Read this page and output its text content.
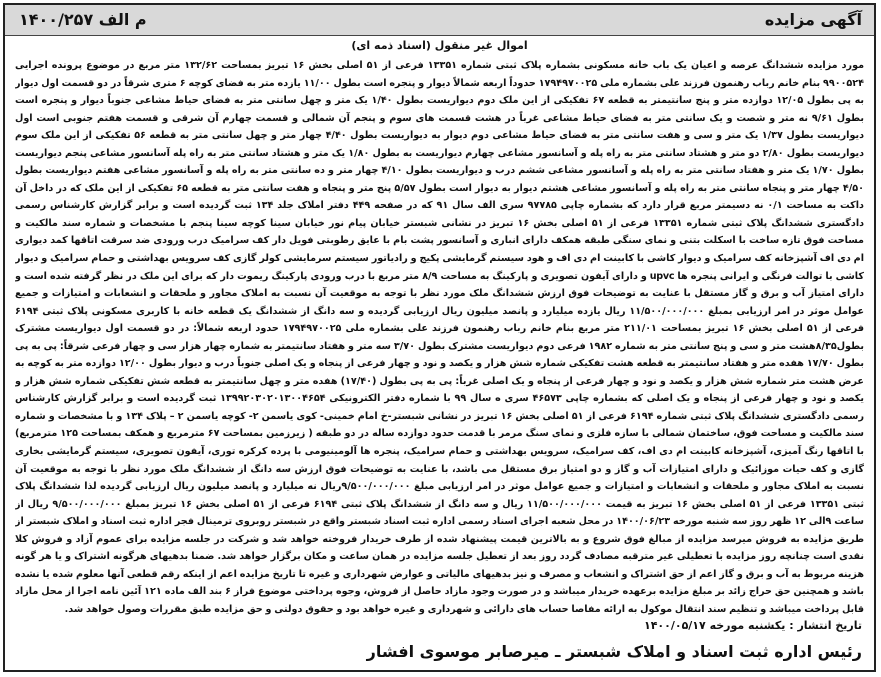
آگهی مزایده
م الف ۱۴۰۰/۲۵۷
اموال غیر منقول (اسناد ذمه ای)
مورد مزایده ششدانگ عرصه و اعیان یک باب خانه مسکونی بشماره پلاک ثبتی شماره ۱۳۳۵۱ فرعی از ۵۱ اصلی بخش ۱۶ تبریز بمساحت ۱۳۲/۶۲ متر مربع در موضوع پرونده اجرایی ۹۹۰۰۵۲۴ بنام خانم رباب رهنمون فرزند علی بشماره ملی ۱۷۹۴۹۷۰۰۲۵ حدوداً اربعه شمالاً دیوار و پنجره است بطول ۱۱/۰۰ یازده متر به فضای کوچه ۶ متری شرقاً در دو قسمت اول دیوار به پی بطول ۱۲/۰۵ دوازده متر و پنج سانتیمتر به قطعه ۶۷ تفکیکی از این ملک دوم دیواریست بطول ۱/۴۰ یک متر و چهل سانتی متر به فضای حیاط مشاعی جنوباً دیوار و پنجره است بطول ۹/۶۱ نه متر و شصت و یک سانتی متر به فضای حیاط مشاعی غرباً در هشت قسمت های سوم و پنجم آن شمالی و قسمت چهارم آن شرقی و قسمت هفتم جنوبی است اول دیواریست بطول ۱/۳۷ یک متر و سی و هفت سانتی متر به فضای حیاط مشاعی دوم دیوار به دیواریست بطول ۴/۴۰ چهار متر و چهل سانتی متر به قطعه ۵۶ تفکیکی از این ملک سوم دیواریست بطول ۲/۸۰ دو متر و هشتاد سانتی متر به راه پله و آسانسور مشاعی چهارم دیواریست به بطول ۱/۸۰ یک متر و هشتاد سانتی متر به راه پله آسانسور مشاعی پنجم دیواریست بطول ۱/۷۰ یک متر و هفتاد سانتی متر به راه پله و آسانسور مشاعی ششم درب و دیواریست بطول ۴/۱۰ چهار متر و ده سانتی متر به راه پله و آسانسور مشاعی هفتم دیواریست بطول ۴/۵۰ چهار متر و پنجاه سانتی متر به راه پله و آسانسور مشاعی هشتم دیوار به دیوار است بطول ۵/۵۷ پنج متر و پنجاه و هفت سانتی متر به قطعه ۶۵ تفکیکی از این ملک که در داخل آن داکت به مساحت ۰/۱ نه دسیمتر مربع قرار دارد که بشماره چاپی ۹۷۷۸۵ سری الف سال ۹۱ که در صفحه ۴۴۹ دفتر املاک جلد ۱۳۴ ثبت گردیده است و برابر گزارش کارشناس رسمی دادگستری ششدانگ پلاک ثبتی شماره ۱۳۳۵۱ فرعی از ۵۱ اصلی بخش ۱۶ تبریز در نشانی شبستر خیابان پیام نور خیابان سینا کوچه سینا پنجم با مشخصات و شماره سند مالکیت و مساحت فوق تازه ساخت با اسکلت بتنی و نمای سنگی طبقه همکف دارای انباری و آسانسور پشت بام با عایق رطوبتی فویل دار کف سرامیک درب ورودی ضد سرقت اتاقها کمد دیواری ام دی اف آشپزخانه کف سرامیک و دیوار کاشی با کابینت ام دی اف و هود سیستم گرمایشی پکیج و رادیاتور سیستم سرمایشی کولر گازی کف سرویس بهداشتی و حمام سرامیک و دیوار کاشی با توالت فرنگی و ایرانی پنجره ها upvc و دارای آیفون تصویری و پارکینگ به مساحت ۸/۹ متر مربع با درب ورودی پارکینگ ریموت دار که برای این ملک در نظر گرفته شده است و دارای امتیاز آب و برق و گاز مستقل با عنایت به توضیحات فوق ارزش ششدانگ ملک مورد نظر با توجه به موقعیت آن نسبت به املاک مجاور و ملحقات و انشعابات و امتیازات و جمیع عوامل موثر در امر ارزیابی بمبلغ ۱۱/۵۰۰/۰۰۰/۰۰۰ ریال یازده میلیارد و پانصد میلیون ریال ارزیابی گردیده و سه دانگ از ششدانگ یک قطعه خانه با کاربری مسکونی پلاک ثبتی ۶۱۹۴ فرعی از ۵۱ اصلی بخش ۱۶ تبریز بمساحت ۲۱۱/۰۱ متر مربع بنام خانم رباب رهنمون فرزند علی بشماره ملی ۱۷۹۴۹۷۰۰۲۵ حدود اربعه شمالاً: در دو قسمت اول دیواریست مشترک بطول۸/۳۵هشت متر و سی و پنج سانتی متر به شماره ۱۹۸۲ فرعی دوم دیواریست مشترک بطول ۳/۷۰ سه متر و هفتاد سانتیمتر به شماره چهار هزار سی و چهار فرعی شرقاً: پی به پی بطول ۱۷/۷۰ هفده متر و هفتاد سانتیمتر به قطعه هشت تفکیکی شماره شش هزار و یکصد و نود و چهار فرعی از پنجاه و یک اصلی جنوباً درب و دیوار بطول ۱۲/۰۰ دوازده متر به کوچه به عرض هشت متر شماره شش هزار و یکصد و نود و چهار فرعی از پنجاه و یک اصلی غرباً: پی به پی بطول (۱۷/۴۰) هفده متر و چهل سانتیمتر به قطعه شش تفکیکی شماره شش هزار و یکصد و نود و چهار فرعی از پنجاه و یک اصلی که بشماره چاپی ۴۶۵۷۳ سری ه سال ۹۹ با شماره دفتر الکترونیکی ۱۳۹۹۲۰۳۰۲۰۱۳۰۰۴۶۵۴ ثبت گردیده است و برابر گزارش کارشناس رسمی دادگستری ششدانگ پلاک ثبتی شماره ۶۱۹۴ فرعی از ۵۱ اصلی بخش ۱۶ تبریز در نشانی شبستر-خ امام خمینی- کوی یاسمن ۲- کوچه یاسمن ۲ – پلاک ۱۳۴ و با مشخصات و شماره سند مالکیت و مساحت فوق، ساختمان شمالی با سازه فلزی و نمای سنگ مرمر با قدمت حدود دوازده ساله در دو طبقه ( زیرزمین بمساحت ۶۷ مترمربع و همکف بمساحت ۱۲۵ مترمربع) با اتاقها رنگ آمیزی، آشپزخانه کابینت ام دی اف، کف سرامیک، سرویس بهداشتی و حمام سرامیک، پنجره ها آلومینیومی با پرده کرکره توری، آیفون تصویری، سیستم گرمایشی بخاری گازی و کف حیات موزائیک و دارای امتیازات آب و گاز و دو امتیاز برق مستقل می باشد، با عنایت به توضیحات فوق ارزش سه دانگ از ششدانگ ملک مورد نظر با توجه به موقعیت آن نسبت به املاک مجاور و ملحقات و انشعابات و امتیازات و جمیع عوامل موثر در امر ارزیابی مبلغ ۹/۵۰۰/۰۰۰/۰۰۰ریال نه میلیارد و پانصد میلیون ریال ارزیابی گردیده لذا ششدانگ پلاک ثبتی ۱۳۳۵۱ فرعی از ۵۱ اصلی بخش ۱۶ تبریز به قیمت ۱۱/۵۰۰/۰۰۰/۰۰۰ ریال و سه دانگ از ششدانگ پلاک ثبتی ۶۱۹۴ فرعی از ۵۱ اصلی بخش ۱۶ تبریز بمبلغ ۹/۵۰۰/۰۰۰/۰۰۰ ریال از ساعت ۹الی ۱۲ ظهر روز سه شنبه مورخه ۱۴۰۰/۰۶/۲۳ در محل شعبه اجرای اسناد رسمی اداره ثبت اسناد شبستر واقع در شبستر روبروی ترمینال فجر اداره ثبت اسناد و املاک شبستر از طریق مزایده به فروش میرسد مزایده از مبالغ فوق شروع و به بالاترین قیمت پیشنهاد شده از طرف خریدار فروخته خواهد شد و شرکت در جلسه مزایده برای عموم آزاد و فروش کلا نقدی است چنانچه روز مزایده با تعطیلی غیر مترقبه مصادف گردد روز بعد از تعطیل جلسه مزایده در همان ساعت و مکان برگزار خواهد شد. ضمنا بدهیهای هرگونه اشتراک و یا هر گونه هزینه مربوط به آب و برق و گاز اعم از حق اشتراک و انشعاب و مصرف و نیز بدهیهای مالیاتی و عوارض شهرداری و غیره تا تاریخ مزایده اعم از اینکه رقم قطعی آنها معلوم شده یا نشده باشد و همچنین حق حراج زائد بر مبلغ مزایده برعهده خریدار میباشد و در صورت وجود مازاد حاصل از فروش، وجوه پرداختی موضوع فراز ۶ بند الف ماده ۱۲۱ آئین نامه اجرا از محل مازاد قابل پرداخت میباشد و تنظیم سند انتقال موکول به ارائه مفاصا حساب های دارائی و شهرداری و غیره خواهد بود و حقوق دولتی و حق مزایده طبق مقررات وصول خواهد شد.
تاریخ انتشار : یکشنبه مورخه ۱۴۰۰/۰۵/۱۷
رئیس اداره ثبت اسناد و املاک شبستر ـ میرصابر موسوی افشار
